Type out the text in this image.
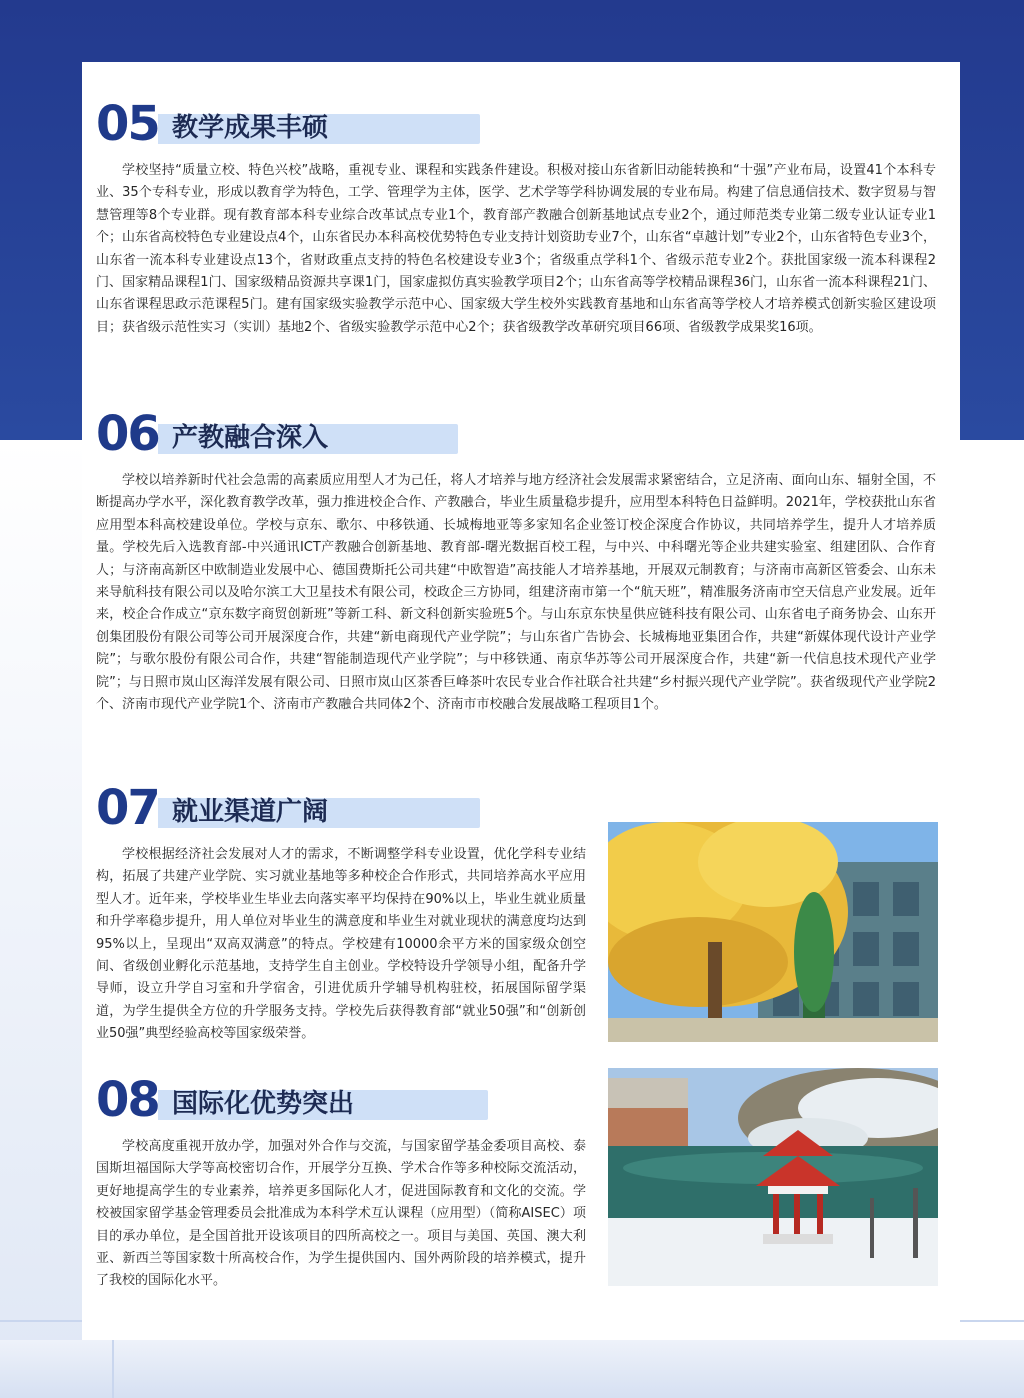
05 教学成果丰硕

学校坚持“质量立校、特色兴校”战略，重视专业、课程和实践条件建设。积极对接山东省新旧动能转换和“十强”产业布局，设置41个本科专业、35个专科专业，形成以教育学为特色，工学、管理学为主体，医学、艺术学等学科协调发展的专业布局。构建了信息通信技术、数字贸易与智慧管理等8个专业群。现有教育部本科专业综合改革试点专业1个，教育部产教融合创新基地试点专业2个，通过师范类专业第二级专业认证专业1个；山东省高校特色专业建设点4个，山东省民办本科高校优势特色专业支持计划资助专业7个，山东省“卓越计划”专业2个，山东省特色专业3个，山东省一流本科专业建设点13个，省财政重点支持的特色名校建设专业3个；省级重点学科1个、省级示范专业2个。获批国家级一流本科课程2门、国家精品课程1门、国家级精品资源共享课1门，国家虚拟仿真实验教学项目2个；山东省高等学校精品课程36门，山东省一流本科课程21门、山东省课程思政示范课程5门。建有国家级实验教学示范中心、国家级大学生校外实践教育基地和山东省高等学校人才培养模式创新实验区建设项目；获省级示范性实习（实训）基地2个、省级实验教学示范中心2个；获省级教学改革研究项目66项、省级教学成果奖16项。

06 产教融合深入

学校以培养新时代社会急需的高素质应用型人才为己任，将人才培养与地方经济社会发展需求紧密结合，立足济南、面向山东、辐射全国，不断提高办学水平，深化教育教学改革，强力推进校企合作、产教融合，毕业生质量稳步提升，应用型本科特色日益鲜明。2021年，学校获批山东省应用型本科高校建设单位。学校与京东、歌尔、中移铁通、长城梅地亚等多家知名企业签订校企深度合作协议，共同培养学生，提升人才培养质量。学校先后入选教育部-中兴通讯ICT产教融合创新基地、教育部-曙光数据百校工程，与中兴、中科曙光等企业共建实验室、组建团队、合作育人；与济南高新区中欧制造业发展中心、德国费斯托公司共建“中欧智造”高技能人才培养基地，开展双元制教育；与济南市高新区管委会、山东未来导航科技有限公司以及哈尔滨工大卫星技术有限公司，校政企三方协同，组建济南市第一个“航天班”，精准服务济南市空天信息产业发展。近年来，校企合作成立“京东数字商贸创新班”等新工科、新文科创新实验班5个。与山东京东快星供应链科技有限公司、山东省电子商务协会、山东开创集团股份有限公司等公司开展深度合作，共建“新电商现代产业学院”；与山东省广告协会、长城梅地亚集团合作，共建“新媒体现代设计产业学院”；与歌尔股份有限公司合作，共建“智能制造现代产业学院”；与中移铁通、南京华苏等公司开展深度合作，共建“新一代信息技术现代产业学院”；与日照市岚山区海洋发展有限公司、日照市岚山区茶香巨峰茶叶农民专业合作社联合社共建“乡村振兴现代产业学院”。获省级现代产业学院2个、济南市现代产业学院1个、济南市产教融合共同体2个、济南市市校融合发展战略工程项目1个。

07 就业渠道广阔

学校根据经济社会发展对人才的需求，不断调整学科专业设置，优化学科专业结构，拓展了共建产业学院、实习就业基地等多种校企合作形式，共同培养高水平应用型人才。近年来，学校毕业生毕业去向落实率平均保持在90%以上，毕业生就业质量和升学率稳步提升，用人单位对毕业生的满意度和毕业生对就业现状的满意度均达到95%以上，呈现出“双高双满意”的特点。学校建有10000余平方米的国家级众创空间、省级创业孵化示范基地，支持学生自主创业。学校特设升学领导小组，配备升学导师，设立升学自习室和升学宿舍，引进优质升学辅导机构驻校，拓展国际留学渠道，为学生提供全方位的升学服务支持。学校先后获得教育部“就业50强”和“创新创业50强”典型经验高校等国家级荣誉。

08 国际化优势突出

学校高度重视开放办学，加强对外合作与交流，与国家留学基金委项目高校、泰国斯坦福国际大学等高校密切合作，开展学分互换、学术合作等多种校际交流活动，更好地提高学生的专业素养，培养更多国际化人才，促进国际教育和文化的交流。学校被国家留学基金管理委员会批准成为本科学术互认课程（应用型）（简称AISEC）项目的承办单位，是全国首批开设该项目的四所高校之一。项目与美国、英国、澳大利亚、新西兰等国家数十所高校合作，为学生提供国内、国外两阶段的培养模式，提升了我校的国际化水平。
